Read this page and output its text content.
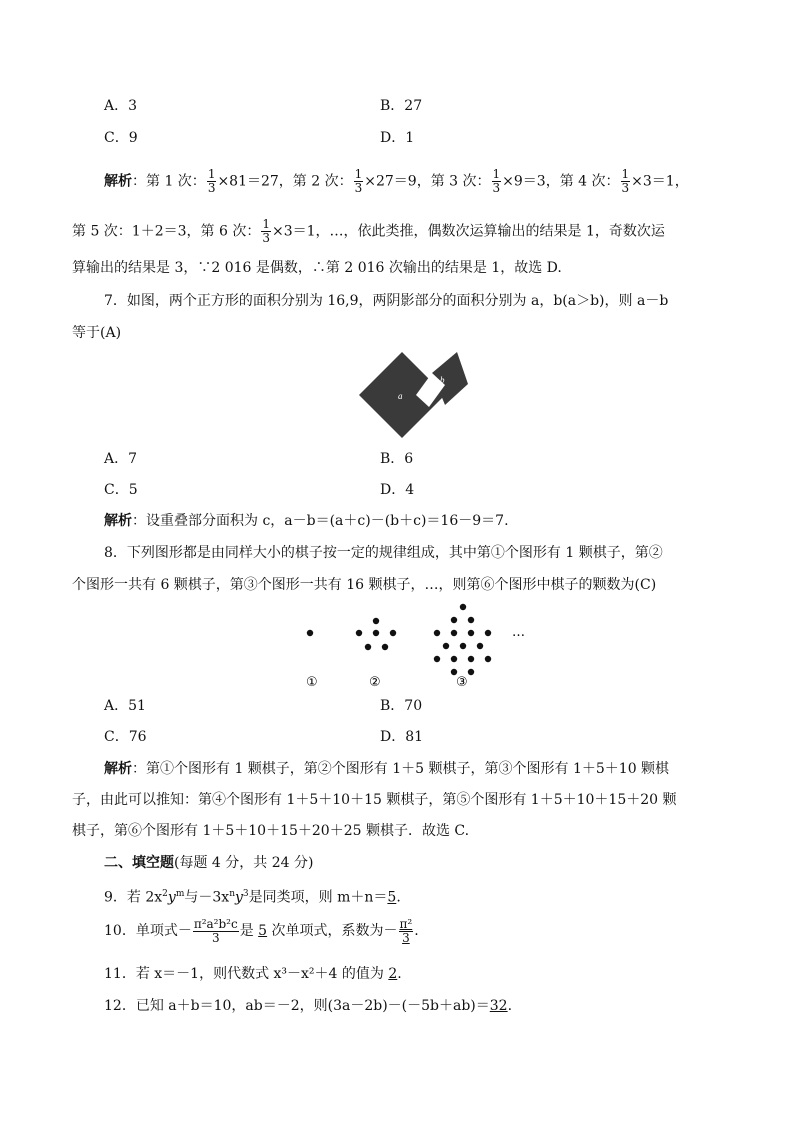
A．3	B．27
C．9	D．1
解析：第 1 次： $\frac{1}{3} \times 81=27$，第 2 次： $\frac{1}{3} \times 27=9$，第 3 次： $\frac{1}{3} \times 9=3$，第 4 次： $\frac{1}{3} \times 3=1$，
第 5 次：1＋2＝3，第 6 次： $\frac{1}{3} \times 3=1$，…，依此类推，偶数次运算输出的结果是 1，奇数次运
算输出的结果是 3，∵2 016 是偶数，∴第 2 016 次输出的结果是 1，故选 D.
7．如图，两个正方形的面积分别为 16,9，两阴影部分的面积分别为 a，b(a＞b)，则 a－b
等于(A)
a
b
A．7	B．6
C．5	D．4
解析：设重叠部分面积为 c，a－b＝(a＋c)－(b＋c)＝16－9＝7.
8．下列图形都是由同样大小的棋子按一定的规律组成，其中第①个图形有 1 颗棋子，第②
个图形一共有 6 颗棋子，第③个图形一共有 16 颗棋子，…，则第⑥个图形中棋子的颗数为(C)
…
①	②	③
A．51	B．70
C．76	D．81
解析：第①个图形有 1 颗棋子，第②个图形有 1＋5 颗棋子，第③个图形有 1＋5＋10 颗棋
子，由此可以推知：第④个图形有 1＋5＋10＋15 颗棋子，第⑤个图形有 1＋5＋10＋15＋20 颗
棋子，第⑥个图形有 1＋5＋10＋15＋20＋25 颗棋子．故选 C.
二、填空题(每题 4 分，共 24 分)
9．若 $2x^2y^m$与$-3x^ny^3$是同类项，则 m＋n＝5.
10．单项式－ $\frac{\text{π²a²b²c}}{3}$ 是 5 次单项式，系数为－ $\frac{\text{π²}}{3}$ .
11．若 x＝－1，则代数式 x³－x²＋4 的值为 2.
12．已知 a＋b＝10，ab＝－2，则(3a－2b)－(－5b＋ab)＝32.
